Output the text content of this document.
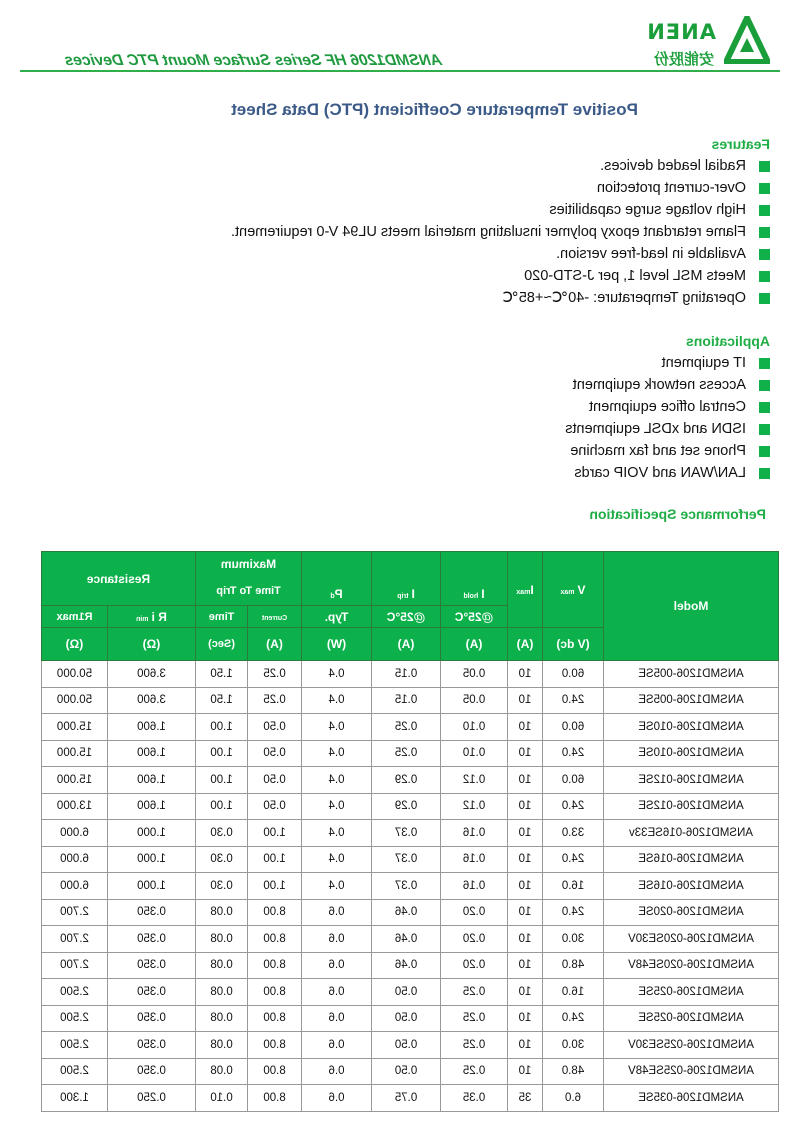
ANEN
安能股份
ANSMD1206 HF Series Surface Mount PTC Devices
Positive Temperature Coefficient (PTC) Data Sheet
Features
Radial leaded devices.
Over-current protection
High voltage surge capabilities
Flame retardant epoxy polymer insulating material meets UL94 V-0 requirement.
Available in lead-free version.
Meets MSL level 1, per J-STD-020
Operating Temperature: -40℃~+85℃
Applications
IT equipment
Access network equipment
Central office equipment
ISDN and xDSL equipments
Phone set and fax machine
LAN/WAN and VOIP cards
Performance Specification
Model	V max	Imax	I hold	I trip	Pd	Maximum		Resistance	
						Time To Trip			
			@25°C	@25°C	Typ.	Current	Time	R i min	R1max
	(V dc)	(A)	(A)	(A)	(W)	(A)	(Sec)	(Ω)	(Ω)
ANSMD1206-005SE	60.0	10	0.05	0.15	0.4	0.25	1.50	3.600	50.000
ANSMD1206-005SE	24.0	10	0.05	0.15	0.4	0.25	1.50	3.600	50.000
ANSMD1206-010SE	60.0	10	0.10	0.25	0.4	0.50	1.00	1.600	15.000
ANSMD1206-010SE	24.0	10	0.10	0.25	0.4	0.50	1.00	1.600	15.000
ANSMD1206-012SE	60.0	10	0.12	0.29	0.4	0.50	1.00	1.600	15.000
ANSMD1206-012SE	24.0	10	0.12	0.29	0.4	0.50	1.00	1.600	13.000
ANSMD1206-016SE33v	33.0	10	0.16	0.37	0.4	1.00	0.30	1.000	6.000
ANSMD1206-016SE	24.0	10	0.16	0.37	0.4	1.00	0.30	1.000	6.000
ANSMD1206-016SE	16.0	10	0.16	0.37	0.4	1.00	0.30	1.000	6.000
ANSMD1206-020SE	24.0	10	0.20	0.46	0.6	8.00	0.08	0.350	2.700
ANSMD1206-020SE30V	30.0	10	0.20	0.46	0.6	8.00	0.08	0.350	2.700
ANSMD1206-020SE48V	48.0	10	0.20	0.46	0.6	8.00	0.08	0.350	2.700
ANSMD1206-025SE	16.0	10	0.25	0.50	0.6	8.00	0.08	0.350	2.500
ANSMD1206-025SE	24.0	10	0.25	0.50	0.6	8.00	0.08	0.350	2.500
ANSMD1206-025SE30V	30.0	10	0.25	0.50	0.6	8.00	0.08	0.350	2.500
ANSMD1206-025SE48V	48.0	10	0.25	0.50	0.6	8.00	0.08	0.350	2.500
ANSMD1206-035SE	6.0	35	0.35	0.75	0.6	8.00	0.10	0.250	1.300
